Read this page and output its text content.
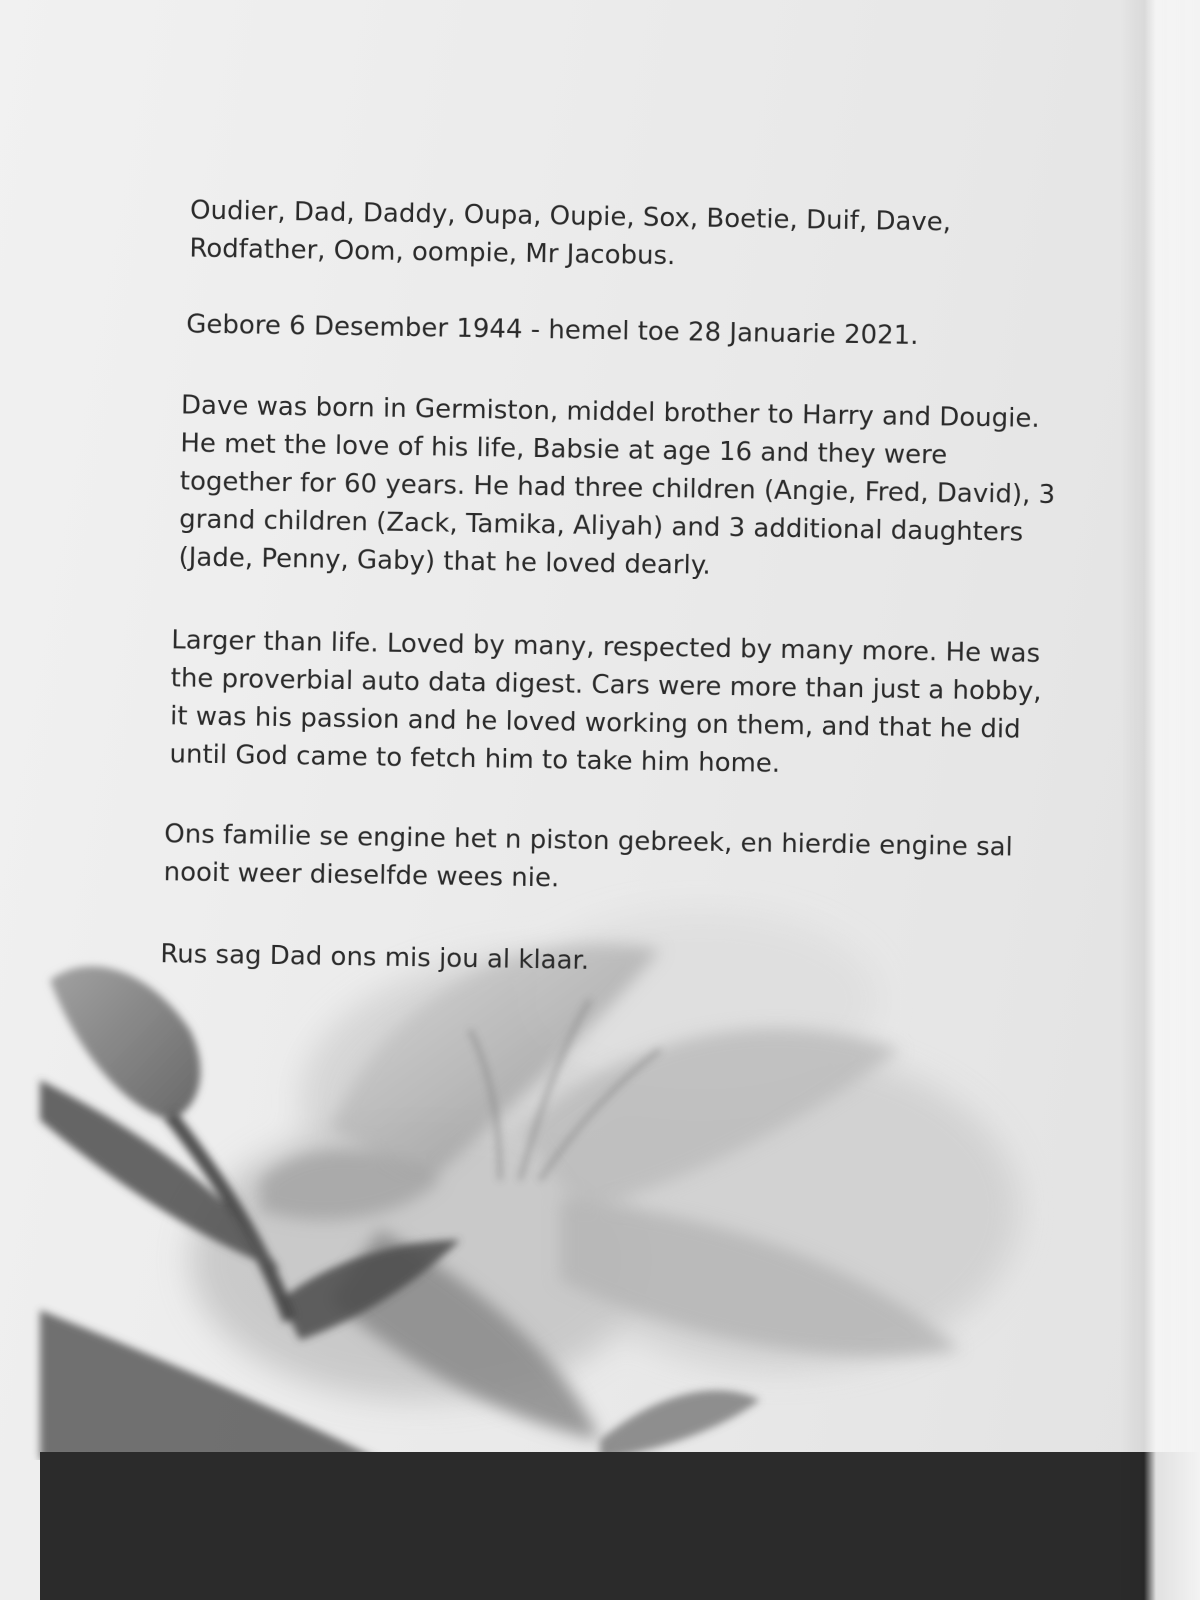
Oudier, Dad, Daddy, Oupa, Oupie, Sox, Boetie, Duif, Dave,
Rodfather, Oom, oompie, Mr Jacobus.

Gebore 6 Desember 1944 - hemel toe 28 Januarie 2021.

Dave was born in Germiston, middel brother to Harry and Dougie.
He met the love of his life, Babsie at age 16 and they were
together for 60 years. He had three children (Angie, Fred, David), 3
grand children (Zack, Tamika, Aliyah) and 3 additional daughters
(Jade, Penny, Gaby) that he loved dearly.

Larger than life. Loved by many, respected by many more. He was
the proverbial auto data digest. Cars were more than just a hobby,
it was his passion and he loved working on them, and that he did
until God came to fetch him to take him home.

Ons familie se engine het n piston gebreek, en hierdie engine sal
nooit weer dieselfde wees nie.

Rus sag Dad ons mis jou al klaar.
